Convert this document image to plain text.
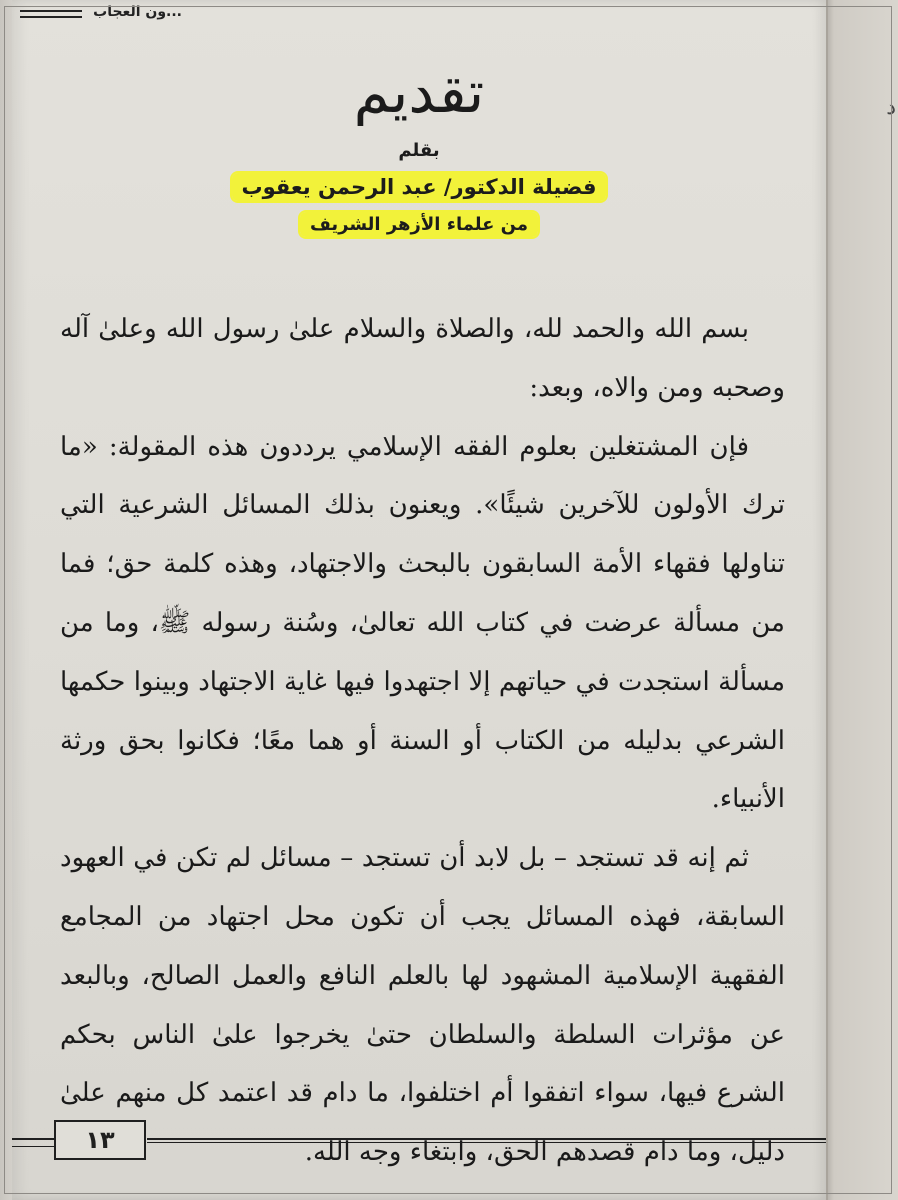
د
...ون العجاب
تقديم
بقلم
فضيلة الدكتور/ عبد الرحمن يعقوب
من علماء الأزهر الشريف

بسم الله والحمد لله، والصلاة والسلام علىٰ رسول الله وعلىٰ آله وصحبه ومن والاه، وبعد:

فإن المشتغلين بعلوم الفقه الإسلامي يرددون هذه المقولة: «ما ترك الأولون للآخرين شيئًا». ويعنون بذلك المسائل الشرعية التي تناولها فقهاء الأمة السابقون بالبحث والاجتهاد، وهذه كلمة حق؛ فما من مسألة عرضت في كتاب الله تعالىٰ، وسُنة رسوله ﷺ، وما من مسألة استجدت في حياتهم إلا اجتهدوا فيها غاية الاجتهاد وبينوا حكمها الشرعي بدليله من الكتاب أو السنة أو هما معًا؛ فكانوا بحق ورثة الأنبياء.

ثم إنه قد تستجد – بل لابد أن تستجد – مسائل لم تكن في العهود السابقة، فهذه المسائل يجب أن تكون محل اجتهاد من المجامع الفقهية الإسلامية المشهود لها بالعلم النافع والعمل الصالح، وبالبعد عن مؤثرات السلطة والسلطان حتىٰ يخرجوا علىٰ الناس بحكم الشرع فيها، سواء اتفقوا أم اختلفوا، ما دام قد اعتمد كل منهم علىٰ دليل، وما دام قصدهم الحق، وابتغاء وجه الله.

١٣
